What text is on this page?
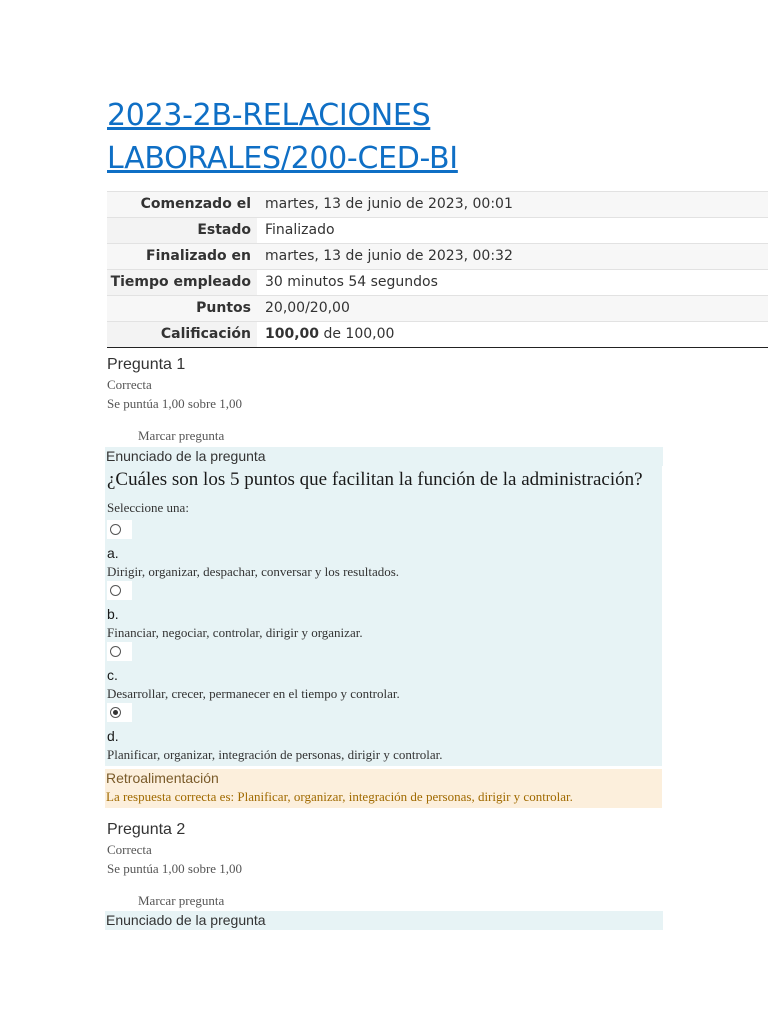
2023-2B-RELACIONES LABORALES/200-CED-BI
Comenzado el	martes, 13 de junio de 2023, 00:01
Estado	Finalizado
Finalizado en	martes, 13 de junio de 2023, 00:32
Tiempo empleado	30 minutos 54 segundos
Puntos	20,00/20,00
Calificación	100,00 de 100,00
Pregunta 1
Correcta
Se puntúa 1,00 sobre 1,00
Marcar pregunta
Enunciado de la pregunta

¿Cuáles son los 5 puntos que facilitan la función de la administración?

Seleccione una:
a.
Dirigir, organizar, despachar, conversar y los resultados.
b.
Financiar, negociar, controlar, dirigir y organizar.
c.
Desarrollar, crecer, permanecer en el tiempo y controlar.
d.
Planificar, organizar, integración de personas, dirigir y controlar.
Retroalimentación
La respuesta correcta es: Planificar, organizar, integración de personas, dirigir y controlar.
Pregunta 2
Correcta
Se puntúa 1,00 sobre 1,00
Marcar pregunta
Enunciado de la pregunta
